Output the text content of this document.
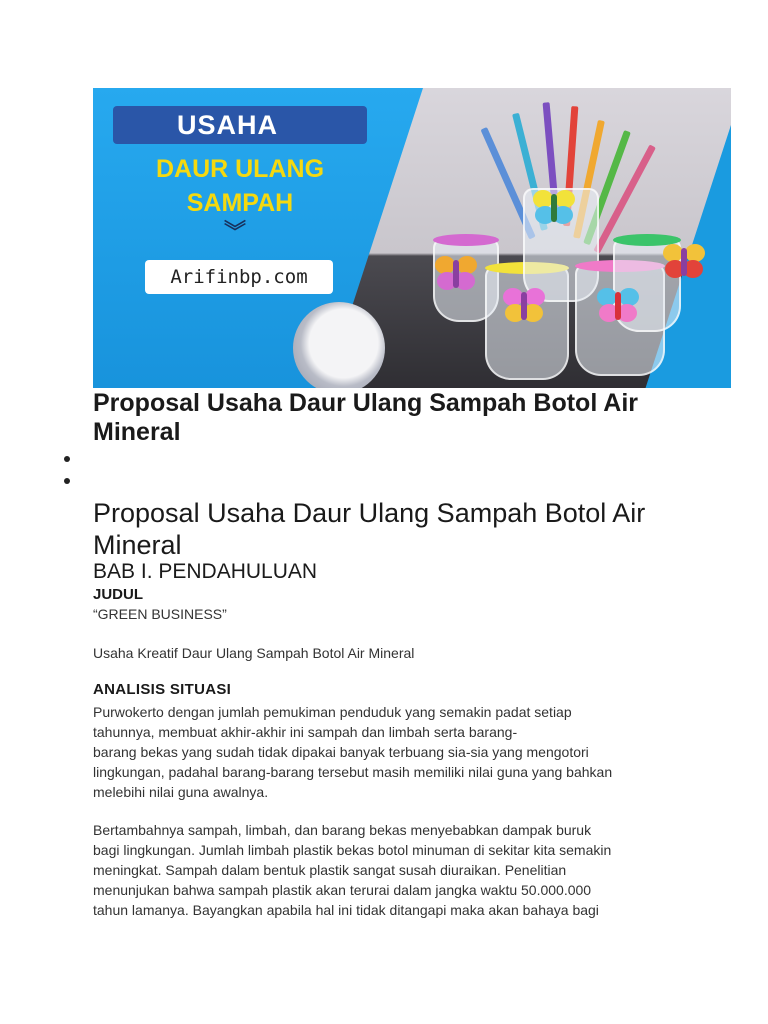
USAHA
DAUR ULANG
SAMPAH
︾
Arifinbp.com
Proposal Usaha Daur Ulang Sampah Botol Air Mineral
Proposal Usaha Daur Ulang Sampah Botol Air Mineral
BAB I. PENDAHULUAN
JUDUL
“GREEN BUSINESS”
Usaha Kreatif Daur Ulang Sampah Botol Air Mineral
ANALISIS SITUASI
Purwokerto dengan jumlah pemukiman penduduk yang semakin padat setiap
tahunnya, membuat akhir-akhir ini sampah dan limbah serta barang-
barang bekas yang sudah tidak dipakai banyak terbuang sia-sia yang mengotori
lingkungan, padahal barang-barang tersebut masih memiliki nilai guna yang bahkan
melebihi nilai guna awalnya.
Bertambahnya sampah, limbah, dan barang bekas menyebabkan dampak buruk
bagi lingkungan. Jumlah limbah plastik bekas botol minuman di sekitar kita semakin
meningkat. Sampah dalam bentuk plastik sangat susah diuraikan. Penelitian
menunjukan bahwa sampah plastik akan terurai dalam jangka waktu 50.000.000
tahun lamanya. Bayangkan apabila hal ini tidak ditangapi maka akan bahaya bagi
